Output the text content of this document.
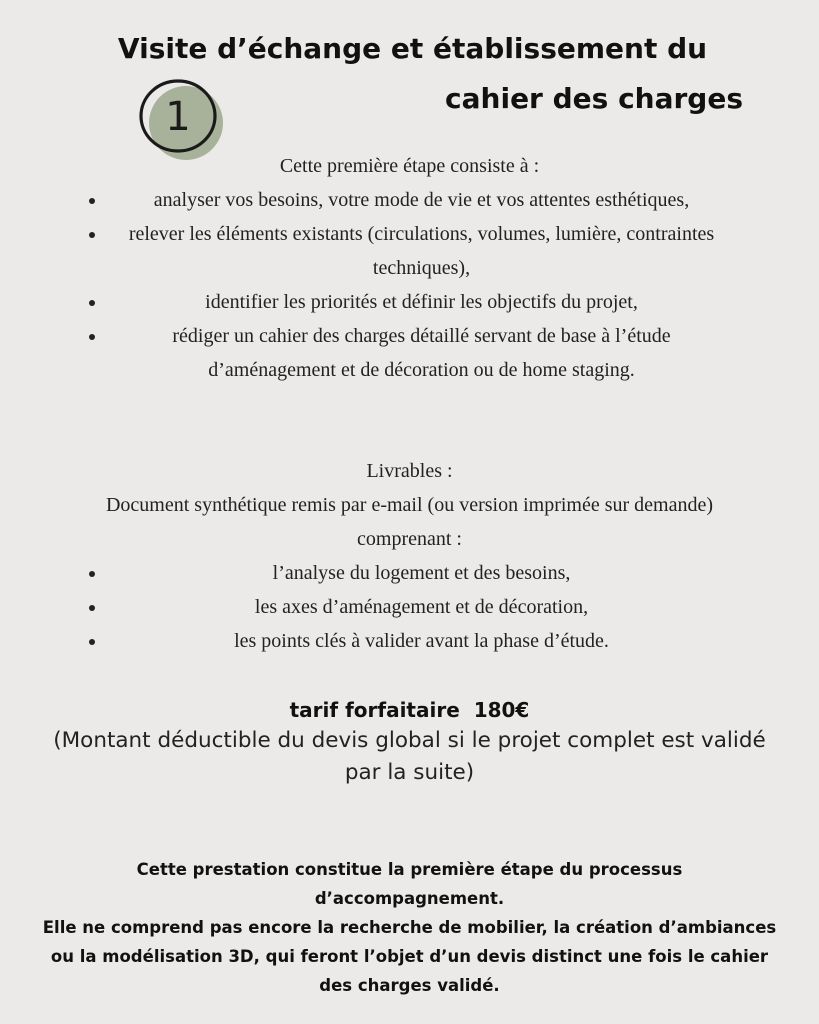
Visite d’échange et établissement du
cahier des charges
1
Cette première étape consiste à :
analyser vos besoins, votre mode de vie et vos attentes esthétiques,
relever les éléments existants (circulations, volumes, lumière, contraintes techniques),
identifier les priorités et définir les objectifs du projet,
rédiger un cahier des charges détaillé servant de base à l’étude d’aménagement et de décoration ou de home staging.
Livrables :
Document synthétique remis par e-mail (ou version imprimée sur demande) comprenant :
l’analyse du logement et des besoins,
les axes d’aménagement et de décoration,
les points clés à valider avant la phase d’étude.
tarif forfaitaire  180€
(Montant déductible du devis global si le projet complet est validé par la suite)

Cette prestation constitue la première étape du processus d’accompagnement.

Elle ne comprend pas encore la recherche de mobilier, la création d’ambiances ou la modélisation 3D, qui feront l’objet d’un devis distinct une fois le cahier des charges validé.
